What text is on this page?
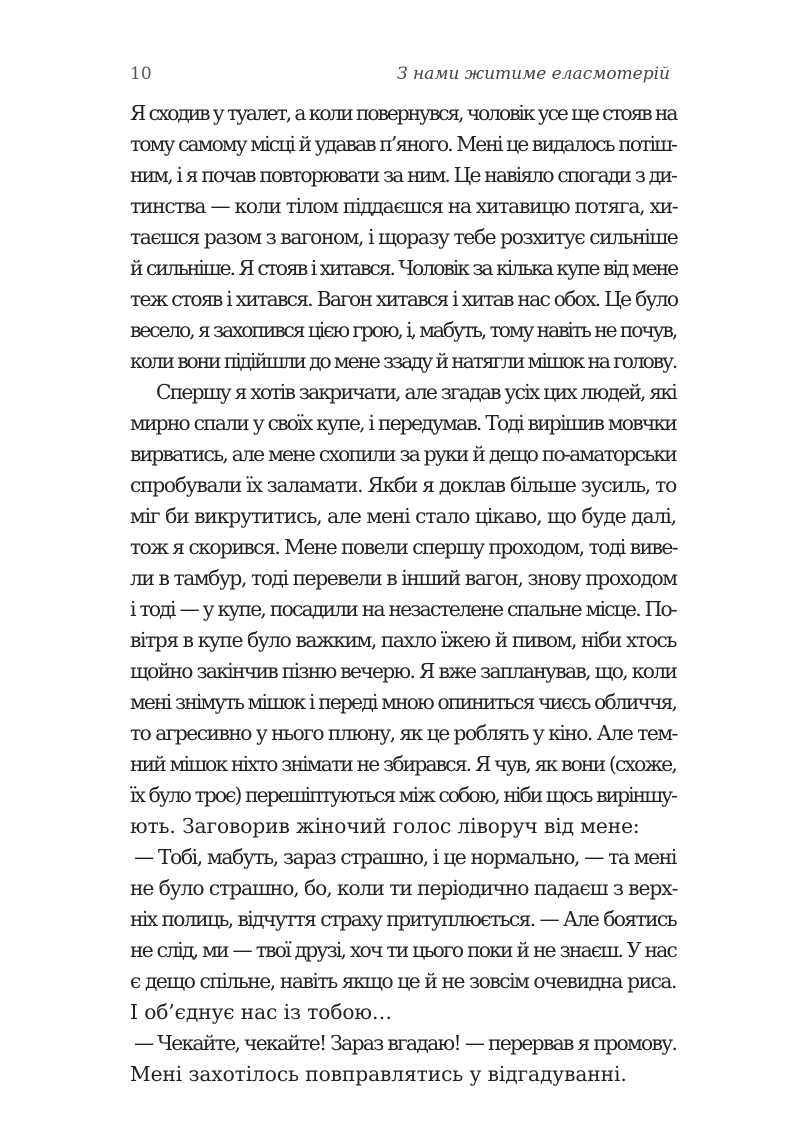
10	З нами житиме еласмотерій
Я сходив у туалет, а коли повернувся, чоловік усе ще стояв на
тому самому місці й удавав п’яного. Мені це видалось потіш-
ним, і я почав повторювати за ним. Це навіяло спогади з ди-
тинства — коли тілом піддаєшся на хитавицю потяга, хи-
таєшся разом з вагоном, і щоразу тебе розхитує сильніше
й сильніше. Я стояв і хитався. Чоловік за кілька купе від мене
теж стояв і хитався. Вагон хитався і хитав нас обох. Це було
весело, я захопився цією грою, і, мабуть, тому навіть не почув,
коли вони підійшли до мене ззаду й натягли мішок на голову.
Спершу я хотів закричати, але згадав усіх цих людей, які
мирно спали у своїх купе, і передумав. Тоді вирішив мовчки
вирватись, але мене схопили за руки й дещо по-аматорськи
спробували їх заламати. Якби я доклав більше зусиль, то
міг би викрутитись, але мені стало цікаво, що буде далі,
тож я скорився. Мене повели спершу проходом, тоді виве-
ли в тамбур, тоді перевели в інший вагон, знову проходом
і тоді — у купе, посадили на незастелене спальне місце. По-
вітря в купе було важким, пахло їжею й пивом, ніби хтось
щойно закінчив пізню вечерю. Я вже запланував, що, коли
мені знімуть мішок і переді мною опиниться чиєсь обличчя,
то агресивно у нього плюну, як це роблять у кіно. Але тем-
ний мішок ніхто знімати не збирався. Я чув, як вони (схоже,
їх було троє) перешіптуються між собою, ніби щось виріншу-
ють. Заговорив жіночий голос ліворуч від мене:
— Тобі, мабуть, зараз страшно, і це нормально, — та мені
не було страшно, бо, коли ти періодично падаєш з верх-
ніх полиць, відчуття страху притуплюється. — Але боятись
не слід, ми — твої друзі, хоч ти цього поки й не знаєш. У нас
є дещо спільне, навіть якщо це й не зовсім очевидна риса.
І об’єднує нас із тобою…
— Чекайте, чекайте! Зараз вгадаю! — перервав я промову.
Мені захотілось повправлятись у відгадуванні.
